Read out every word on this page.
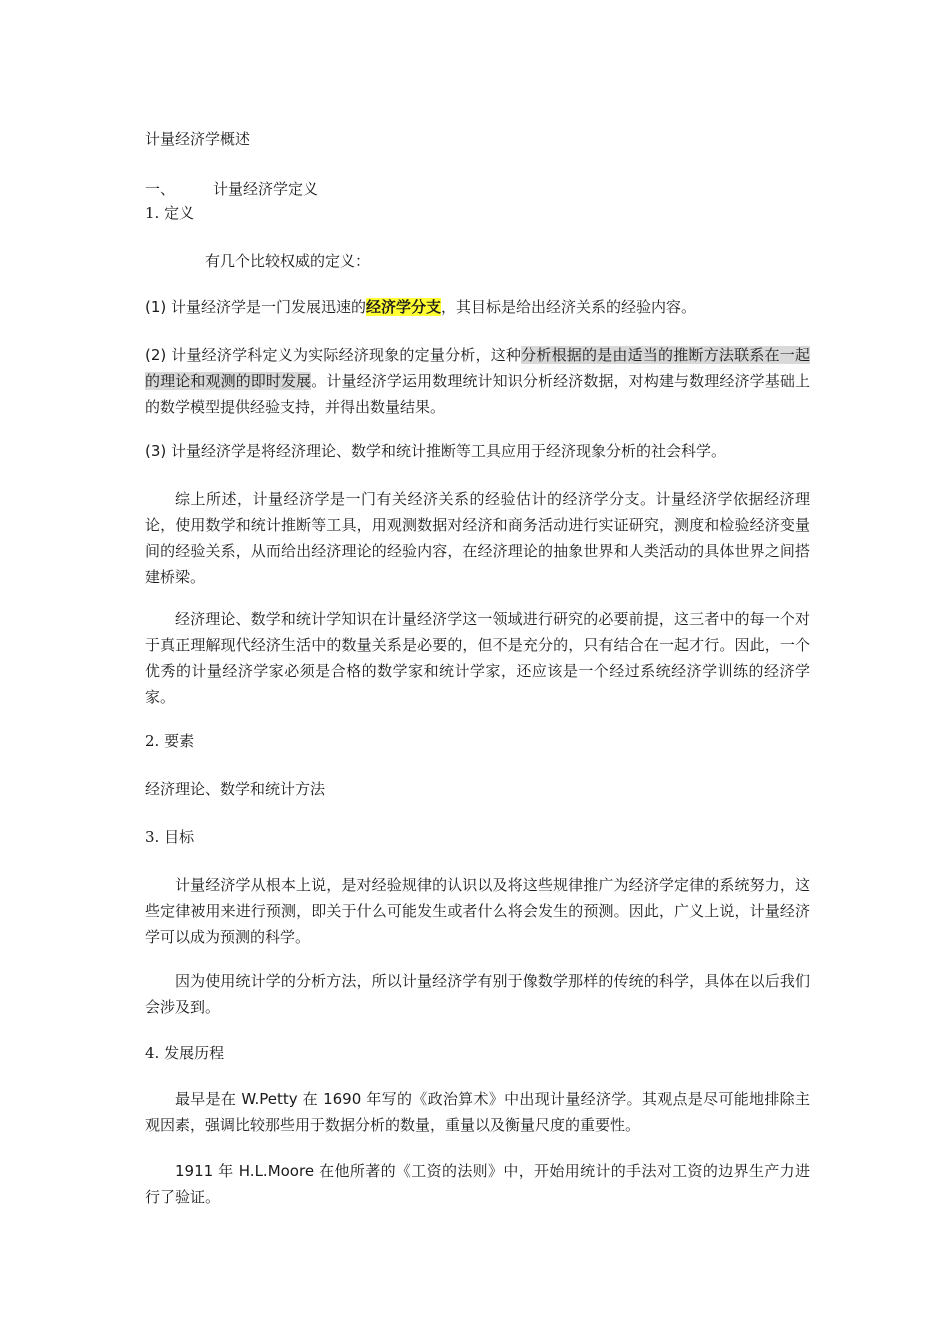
计量经济学概述
一、	计量经济学定义
1. 定义
有几个比较权威的定义：
(1) 计量经济学是一门发展迅速的经济学分支，其目标是给出经济关系的经验内容。
(2) 计量经济学科定义为实际经济现象的定量分析，这种分析根据的是由适当的推断方法联系在一起的理论和观测的即时发展。计量经济学运用数理统计知识分析经济数据，对构建与数理经济学基础上的数学模型提供经验支持，并得出数量结果。
(3) 计量经济学是将经济理论、数学和统计推断等工具应用于经济现象分析的社会科学。
综上所述，计量经济学是一门有关经济关系的经验估计的经济学分支。计量经济学依据经济理论，使用数学和统计推断等工具，用观测数据对经济和商务活动进行实证研究，测度和检验经济变量间的经验关系，从而给出经济理论的经验内容，在经济理论的抽象世界和人类活动的具体世界之间搭建桥梁。
经济理论、数学和统计学知识在计量经济学这一领域进行研究的必要前提，这三者中的每一个对于真正理解现代经济生活中的数量关系是必要的，但不是充分的，只有结合在一起才行。因此，一个优秀的计量经济学家必须是合格的数学家和统计学家，还应该是一个经过系统经济学训练的经济学家。
2. 要素
经济理论、数学和统计方法
3. 目标
计量经济学从根本上说，是对经验规律的认识以及将这些规律推广为经济学定律的系统努力，这些定律被用来进行预测，即关于什么可能发生或者什么将会发生的预测。因此，广义上说，计量经济学可以成为预测的科学。
因为使用统计学的分析方法，所以计量经济学有别于像数学那样的传统的科学，具体在以后我们会涉及到。
4. 发展历程
最早是在 W.Petty 在 1690 年写的《政治算术》中出现计量经济学。其观点是尽可能地排除主观因素，强调比较那些用于数据分析的数量，重量以及衡量尺度的重要性。
1911 年 H.L.Moore 在他所著的《工资的法则》中，开始用统计的手法对工资的边界生产力进行了验证。
